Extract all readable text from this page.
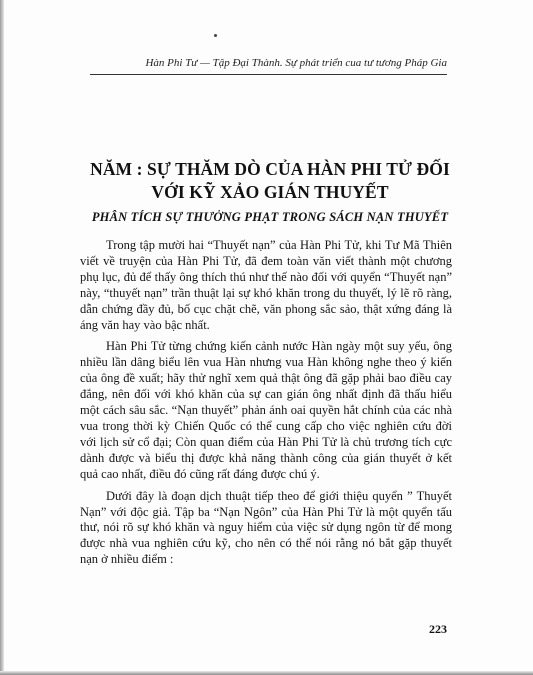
Hàn Phi Tư — Tập Đại Thành. Sự phát triển cua tư tương Pháp Gia
NĂM : SỰ THĂM DÒ CỦA HÀN PHI TỬ ĐỐI
VỚI KỸ XẢO GIÁN THUYẾT
PHÂN TÍCH SỰ THƯỞNG PHẠT TRONG SÁCH NẠN THUYẾT

Trong tập mười hai “Thuyết nạn” của Hàn Phi Tử, khi Tư Mã Thiên viết về truyện của Hàn Phi Tử, đã đem toàn văn viết thành một chương phụ lục, đủ để thấy ông thích thú như thế nào đối với quyển “Thuyết nạn” này, “thuyết nạn” trần thuật lại sự khó khăn trong du thuyết, lý lẽ rõ ràng, dẫn chứng đầy đủ, bố cục chặt chẽ, văn phong sắc sảo, thật xứng đáng là áng văn hay vào bậc nhất.

Hàn Phi Tử từng chứng kiến cảnh nước Hàn ngày một suy yếu, ông nhiều lần dâng biểu lên vua Hàn nhưng vua Hàn không nghe theo ý kiến của ông đề xuất; hãy thử nghĩ xem quả thật ông đã gặp phải bao điều cay đắng, nên đối với khó khăn của sự can gián ông nhất định đã thấu hiểu một cách sâu sắc. “Nạn thuyết” phản ánh oai quyền hắt chính của các nhà vua trong thời kỳ Chiến Quốc có thể cung cấp cho việc nghiên cứu đời với lịch sử cổ đại; Còn quan điểm của Hàn Phi Tử là chủ trương tích cực dành được và biểu thị được khả năng thành công của gián thuyết ở kết quả cao nhất, điều đó cũng rất đáng được chú ý.

Dưới đây là đoạn dịch thuật tiếp theo để giới thiệu quyển ” Thuyết Nạn” với độc giả. Tập ba “Nạn Ngôn” của Hàn Phi Tử là một quyển tấu thư, nói rõ sự khó khăn và nguy hiểm của việc sử dụng ngôn từ để mong được nhà vua nghiên cứu kỹ, cho nên có thể nói rằng nó bắt gặp thuyết nạn ở nhiều điểm :

223
